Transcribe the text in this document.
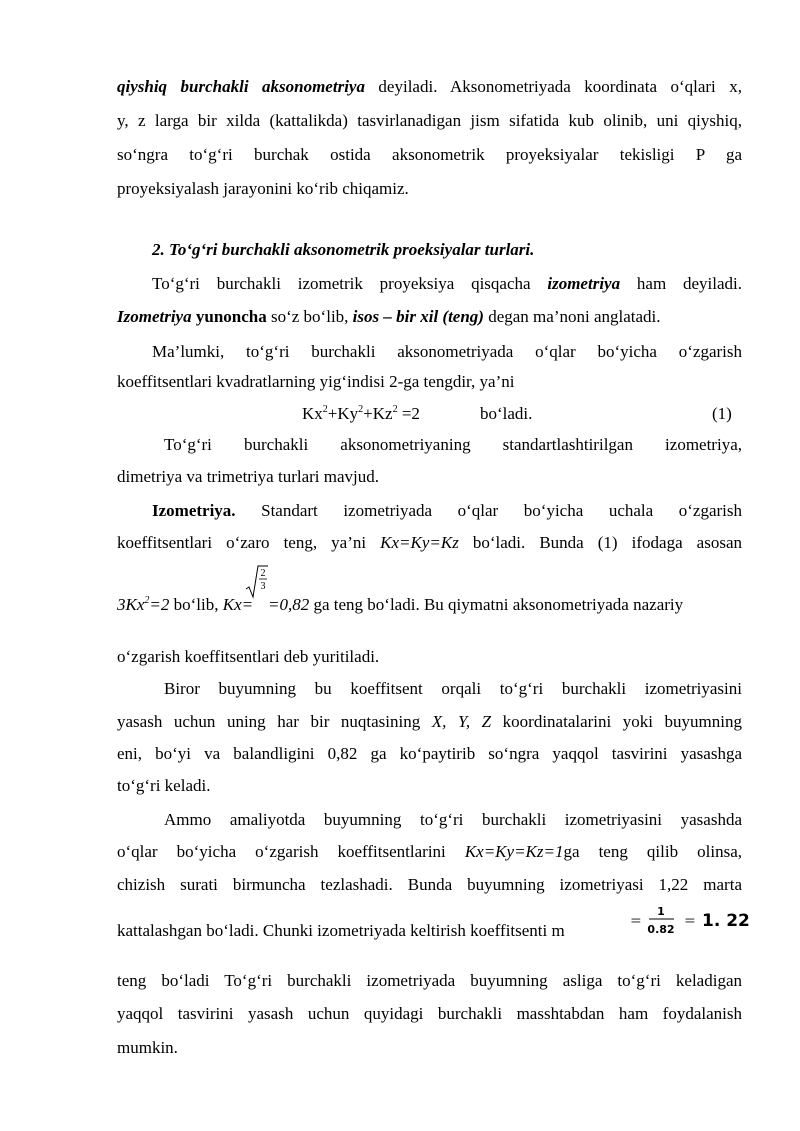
qiyshiq burchakli aksonometriya deyiladi. Aksonometriyada koordinata o‘qlari x,
y, z larga bir xilda (kattalikda) tasvirlanadigan jism sifatida kub olinib, uni qiyshiq,
so‘ngra to‘g‘ri burchak ostida aksonometrik proyeksiyalar tekisligi P ga
proyeksiyalash jarayonini ko‘rib chiqamiz.
2. To‘g‘ri burchakli aksonometrik proeksiyalar turlari.
To‘g‘ri burchakli izometrik proyeksiya qisqacha izometriya ham deyiladi.
Izometriya yunoncha so‘z bo‘lib, isos – bir xil (teng) degan ma’noni anglatadi.
Ma’lumki, to‘g‘ri burchakli aksonometriyada o‘qlar bo‘yicha o‘zgarish
koeffitsentlari kvadratlarning yig‘indisi 2-ga tengdir, ya’ni
$Kx^2+Ky^2+Kz^2 =2$	bo‘ladi.	(1)
To‘g‘ri burchakli aksonometriyaning standartlashtirilgan izometriya,
dimetriya va trimetriya turlari mavjud.
Izometriya. Standart izometriyada o‘qlar bo‘yicha uchala o‘zgarish
koeffitsentlari o‘zaro teng, ya’ni Kx=Ky=Kz bo‘ladi. Bunda (1) ifodaga asosan
$3Kx^2=2$ bo‘lib, Kx=
2
3
=0,82 ga teng bo‘ladi. Bu qiymatni aksonometriyada nazariy
o‘zgarish koeffitsentlari deb yuritiladi.
Biror buyumning bu koeffitsent orqali to‘g‘ri burchakli izometriyasini
yasash uchun uning har bir nuqtasining X, Y, Z koordinatalarini yoki buyumning
eni, bo‘yi va balandligini 0,82 ga ko‘paytirib so‘ngra yaqqol tasvirini yasashga
to‘g‘ri keladi.
Ammo amaliyotda buyumning to‘g‘ri burchakli izometriyasini yasashda
o‘qlar bo‘yicha o‘zgarish koeffitsentlarini Kx=Ky=Kz=1ga teng qilib olinsa,
chizish surati birmuncha tezlashadi. Bunda buyumning izometriyasi 1,22 marta
kattalashgan bo‘ladi. Chunki izometriyada keltirish koeffitsenti m	=
1
0.82
= 1. 22
teng bo‘ladi To‘g‘ri burchakli izometriyada buyumning asliga to‘g‘ri keladigan
yaqqol tasvirini yasash uchun quyidagi burchakli masshtabdan ham foydalanish
mumkin.
